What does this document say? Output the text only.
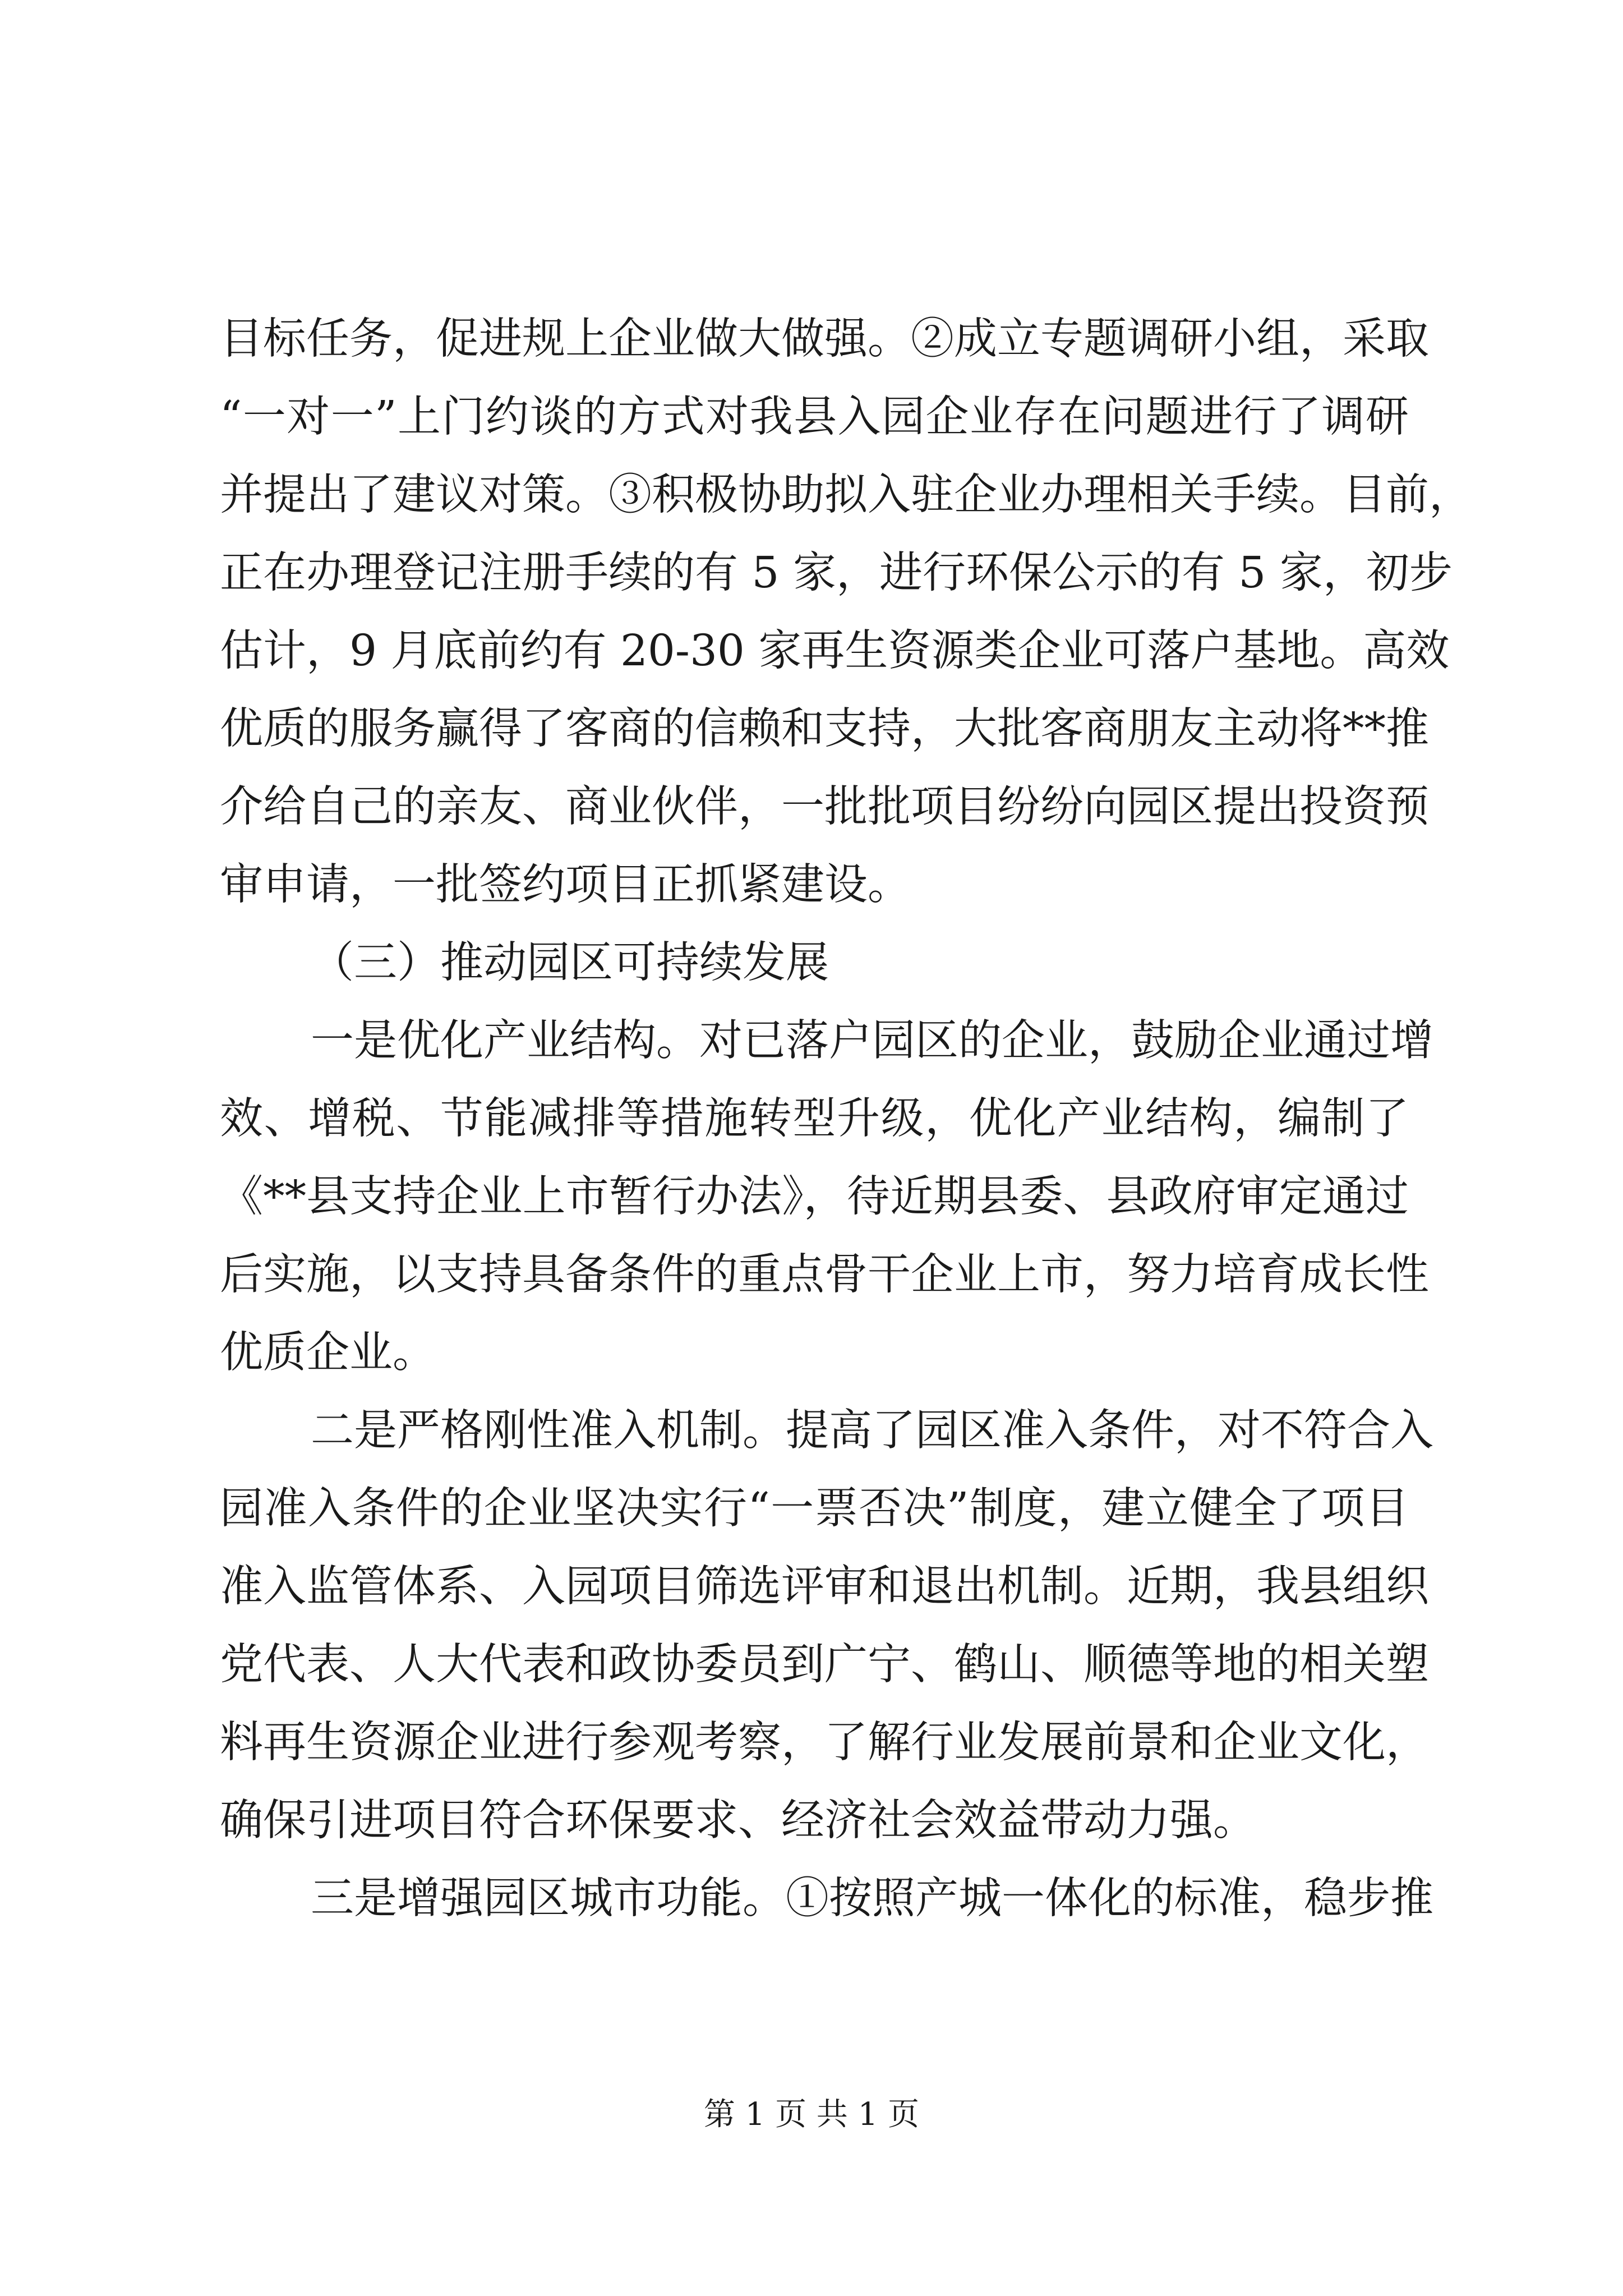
目标任务，促进规上企业做大做强。②成立专题调研小组，采取
“一对一”上门约谈的方式对我县入园企业存在问题进行了调研
并提出了建议对策。③积极协助拟入驻企业办理相关手续。目前，
正在办理登记注册手续的有 5 家，进行环保公示的有 5 家，初步
估计，9 月底前约有 20-30 家再生资源类企业可落户基地。高效
优质的服务赢得了客商的信赖和支持，大批客商朋友主动将**推
介给自己的亲友、商业伙伴，一批批项目纷纷向园区提出投资预
审申请，一批签约项目正抓紧建设。
（三）推动园区可持续发展
一是优化产业结构。对已落户园区的企业，鼓励企业通过增
效、增税、节能减排等措施转型升级，优化产业结构，编制了
《**县支持企业上市暂行办法》，待近期县委、县政府审定通过
后实施，以支持具备条件的重点骨干企业上市，努力培育成长性
优质企业。
二是严格刚性准入机制。提高了园区准入条件，对不符合入
园准入条件的企业坚决实行“一票否决”制度，建立健全了项目
准入监管体系、入园项目筛选评审和退出机制。近期，我县组织
党代表、人大代表和政协委员到广宁、鹤山、顺德等地的相关塑
料再生资源企业进行参观考察，了解行业发展前景和企业文化，
确保引进项目符合环保要求、经济社会效益带动力强。
三是增强园区城市功能。①按照产城一体化的标准，稳步推
第 1 页 共 1 页
